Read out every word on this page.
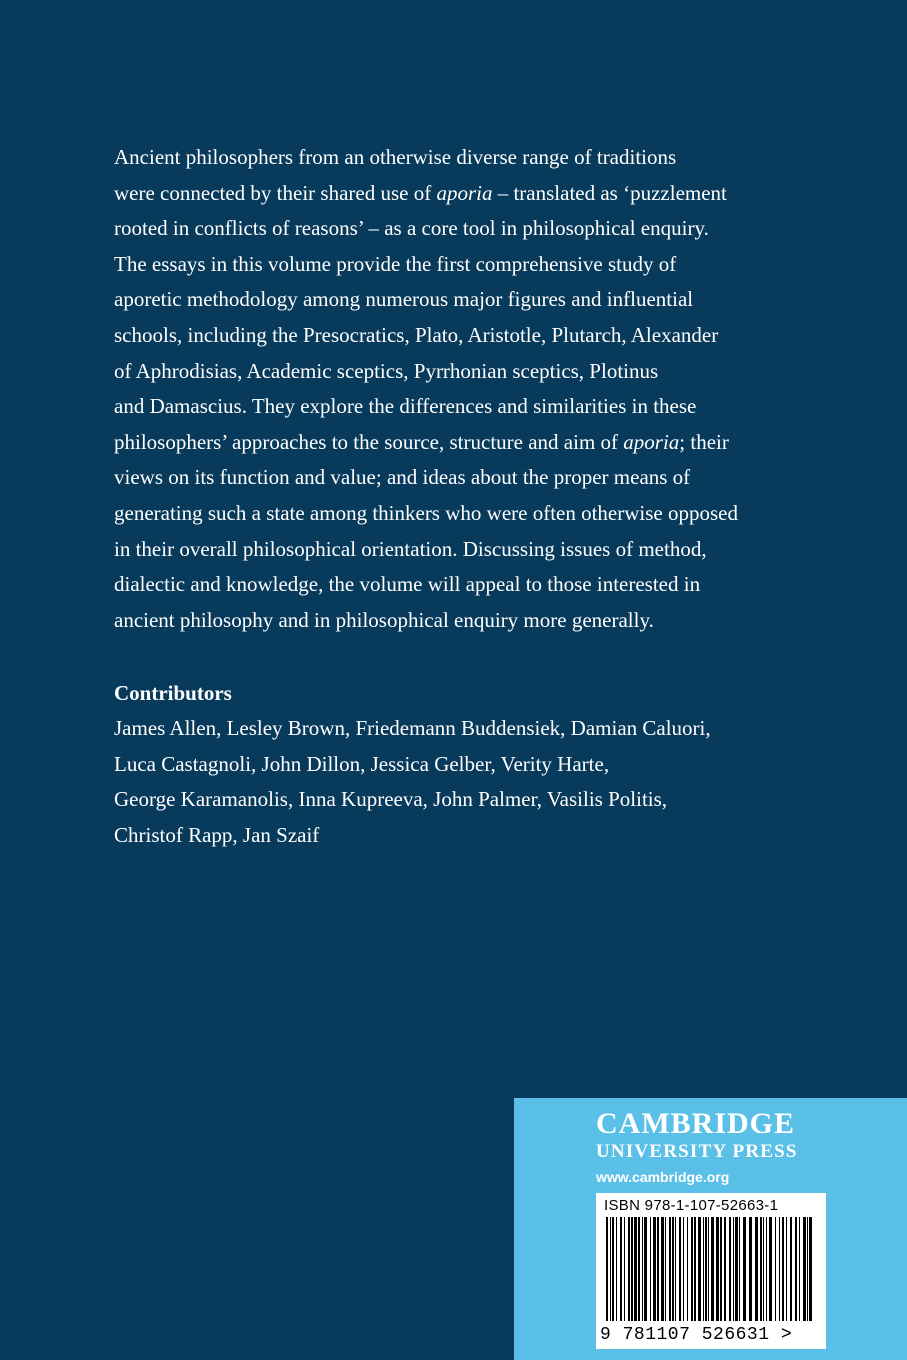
Ancient philosophers from an otherwise diverse range of traditions
were connected by their shared use of aporia – translated as ‘puzzlement
rooted in conflicts of reasons’ – as a core tool in philosophical enquiry.
The essays in this volume provide the first comprehensive study of
aporetic methodology among numerous major figures and influential
schools, including the Presocratics, Plato, Aristotle, Plutarch, Alexander
of Aphrodisias, Academic sceptics, Pyrrhonian sceptics, Plotinus
and Damascius. They explore the differences and similarities in these
philosophers’ approaches to the source, structure and aim of aporia; their
views on its function and value; and ideas about the proper means of
generating such a state among thinkers who were often otherwise opposed
in their overall philosophical orientation. Discussing issues of method,
dialectic and knowledge, the volume will appeal to those interested in
ancient philosophy and in philosophical enquiry more generally.
Contributors
James Allen, Lesley Brown, Friedemann Buddensiek, Damian Caluori,
Luca Castagnoli, John Dillon, Jessica Gelber, Verity Harte,
George Karamanolis, Inna Kupreeva, John Palmer, Vasilis Politis,
Christof Rapp, Jan Szaif
CAMBRIDGE
UNIVERSITY PRESS
www.cambridge.org
ISBN 978-1-107-52663-1
9 781107 526631 >
